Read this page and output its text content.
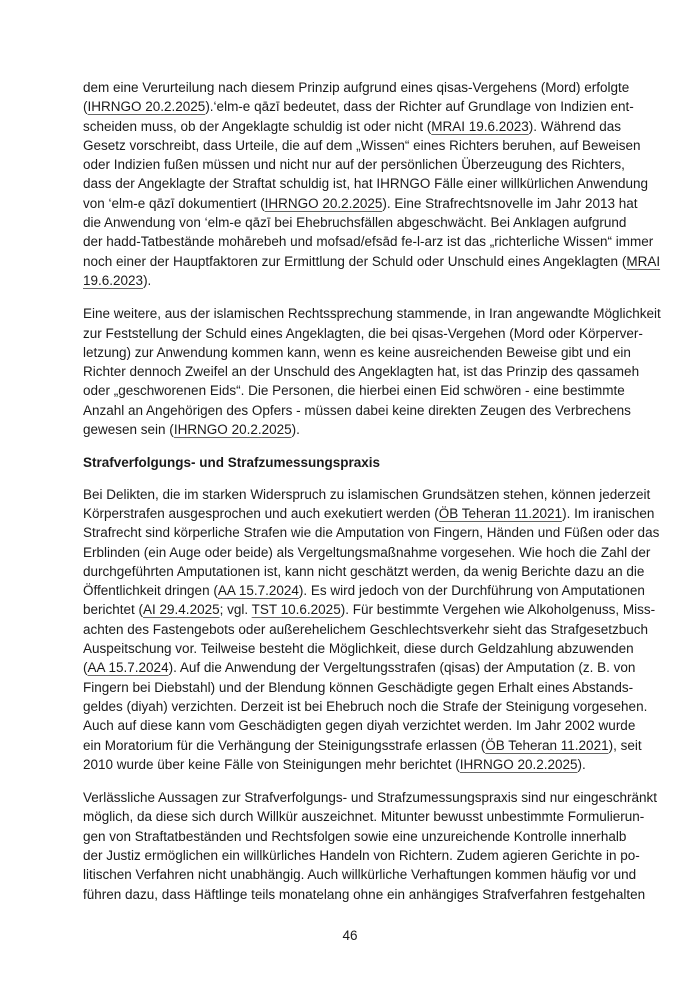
dem eine Verurteilung nach diesem Prinzip aufgrund eines qisas-Vergehens (Mord) erfolgte
(IHRNGO 20.2.2025).‘elm-e qāzī bedeutet, dass der Richter auf Grundlage von Indizien ent-
scheiden muss, ob der Angeklagte schuldig ist oder nicht (MRAI 19.6.2023). Während das
Gesetz vorschreibt, dass Urteile, die auf dem „Wissen“ eines Richters beruhen, auf Beweisen
oder Indizien fußen müssen und nicht nur auf der persönlichen Überzeugung des Richters,
dass der Angeklagte der Straftat schuldig ist, hat IHRNGO Fälle einer willkürlichen Anwendung
von ‘elm-e qāzī dokumentiert (IHRNGO 20.2.2025). Eine Strafrechtsnovelle im Jahr 2013 hat
die Anwendung von ‘elm-e qāzī bei Ehebruchsfällen abgeschwächt. Bei Anklagen aufgrund
der hadd-Tatbestände mohārebeh und mofsad/efsād fe-l-arz ist das „richterliche Wissen“ immer
noch einer der Hauptfaktoren zur Ermittlung der Schuld oder Unschuld eines Angeklagten (MRAI
19.6.2023).
Eine weitere, aus der islamischen Rechtssprechung stammende, in Iran angewandte Möglichkeit
zur Feststellung der Schuld eines Angeklagten, die bei qisas-Vergehen (Mord oder Körperver-
letzung) zur Anwendung kommen kann, wenn es keine ausreichenden Beweise gibt und ein
Richter dennoch Zweifel an der Unschuld des Angeklagten hat, ist das Prinzip des qassameh
oder „geschworenen Eids“. Die Personen, die hierbei einen Eid schwören - eine bestimmte
Anzahl an Angehörigen des Opfers - müssen dabei keine direkten Zeugen des Verbrechens
gewesen sein (IHRNGO 20.2.2025).
Strafverfolgungs- und Strafzumessungspraxis
Bei Delikten, die im starken Widerspruch zu islamischen Grundsätzen stehen, können jederzeit
Körperstrafen ausgesprochen und auch exekutiert werden (ÖB Teheran 11.2021). Im iranischen
Strafrecht sind körperliche Strafen wie die Amputation von Fingern, Händen und Füßen oder das
Erblinden (ein Auge oder beide) als Vergeltungsmaßnahme vorgesehen. Wie hoch die Zahl der
durchgeführten Amputationen ist, kann nicht geschätzt werden, da wenig Berichte dazu an die
Öffentlichkeit dringen (AA 15.7.2024). Es wird jedoch von der Durchführung von Amputationen
berichtet (AI 29.4.2025; vgl. TST 10.6.2025). Für bestimmte Vergehen wie Alkoholgenuss, Miss-
achten des Fastengebots oder außerehelichem Geschlechtsverkehr sieht das Strafgesetzbuch
Auspeitschung vor. Teilweise besteht die Möglichkeit, diese durch Geldzahlung abzuwenden
(AA 15.7.2024). Auf die Anwendung der Vergeltungsstrafen (qisas) der Amputation (z. B. von
Fingern bei Diebstahl) und der Blendung können Geschädigte gegen Erhalt eines Abstands-
geldes (diyah) verzichten. Derzeit ist bei Ehebruch noch die Strafe der Steinigung vorgesehen.
Auch auf diese kann vom Geschädigten gegen diyah verzichtet werden. Im Jahr 2002 wurde
ein Moratorium für die Verhängung der Steinigungsstrafe erlassen (ÖB Teheran 11.2021), seit
2010 wurde über keine Fälle von Steinigungen mehr berichtet (IHRNGO 20.2.2025).
Verlässliche Aussagen zur Strafverfolgungs- und Strafzumessungspraxis sind nur eingeschränkt
möglich, da diese sich durch Willkür auszeichnet. Mitunter bewusst unbestimmte Formulierun-
gen von Straftatbeständen und Rechtsfolgen sowie eine unzureichende Kontrolle innerhalb
der Justiz ermöglichen ein willkürliches Handeln von Richtern. Zudem agieren Gerichte in po-
litischen Verfahren nicht unabhängig. Auch willkürliche Verhaftungen kommen häufig vor und
führen dazu, dass Häftlinge teils monatelang ohne ein anhängiges Strafverfahren festgehalten
46
